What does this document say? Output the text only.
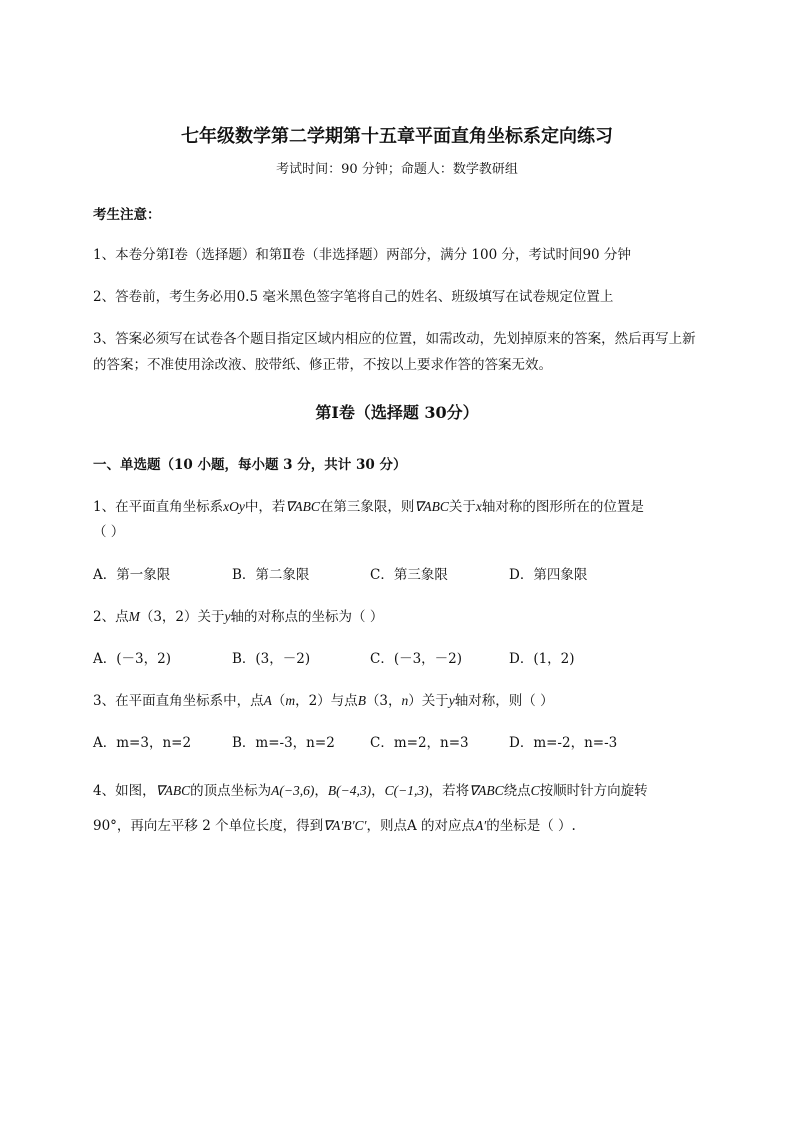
七年级数学第二学期第十五章平面直角坐标系定向练习
考试时间：90 分钟；命题人：数学教研组
考生注意：
1、本卷分第Ⅰ卷（选择题）和第Ⅱ卷（非选择题）两部分，满分 100 分，考试时间90 分钟
2、答卷前，考生务必用0.5 毫米黑色签字笔将自己的姓名、班级填写在试卷规定位置上
3、答案必须写在试卷各个题目指定区域内相应的位置，如需改动，先划掉原来的答案，然后再写上新
的答案；不准使用涂改液、胶带纸、修正带，不按以上要求作答的答案无效。
第Ⅰ卷（选择题 30分）
一、单选题（10 小题，每小题 3 分，共计 30 分）
1、在平面直角坐标系xOy中，若∇ABC在第三象限，则∇ABC关于x轴对称的图形所在的位置是
（ ）
A．第一象限	B．第二象限	C．第三象限	D．第四象限
2、点M（3，2）关于y轴的对称点的坐标为（ ）
A．(－3，2)	B．(3，－2)	C．(－3，－2)	D．(1，2)
3、在平面直角坐标系中，点A（m，2）与点B（3，n）关于y轴对称，则（ ）
A．m=3，n=2	B．m=-3，n=2	C．m=2，n=3	D．m=-2，n=-3
4、如图，∇ABC的顶点坐标为A(−3,6)，B(−4,3)，C(−1,3)，若将∇ABC绕点C按顺时针方向旋转
90°，再向左平移 2 个单位长度，得到∇A′B′C′，则点A 的对应点A′的坐标是（ ）.
